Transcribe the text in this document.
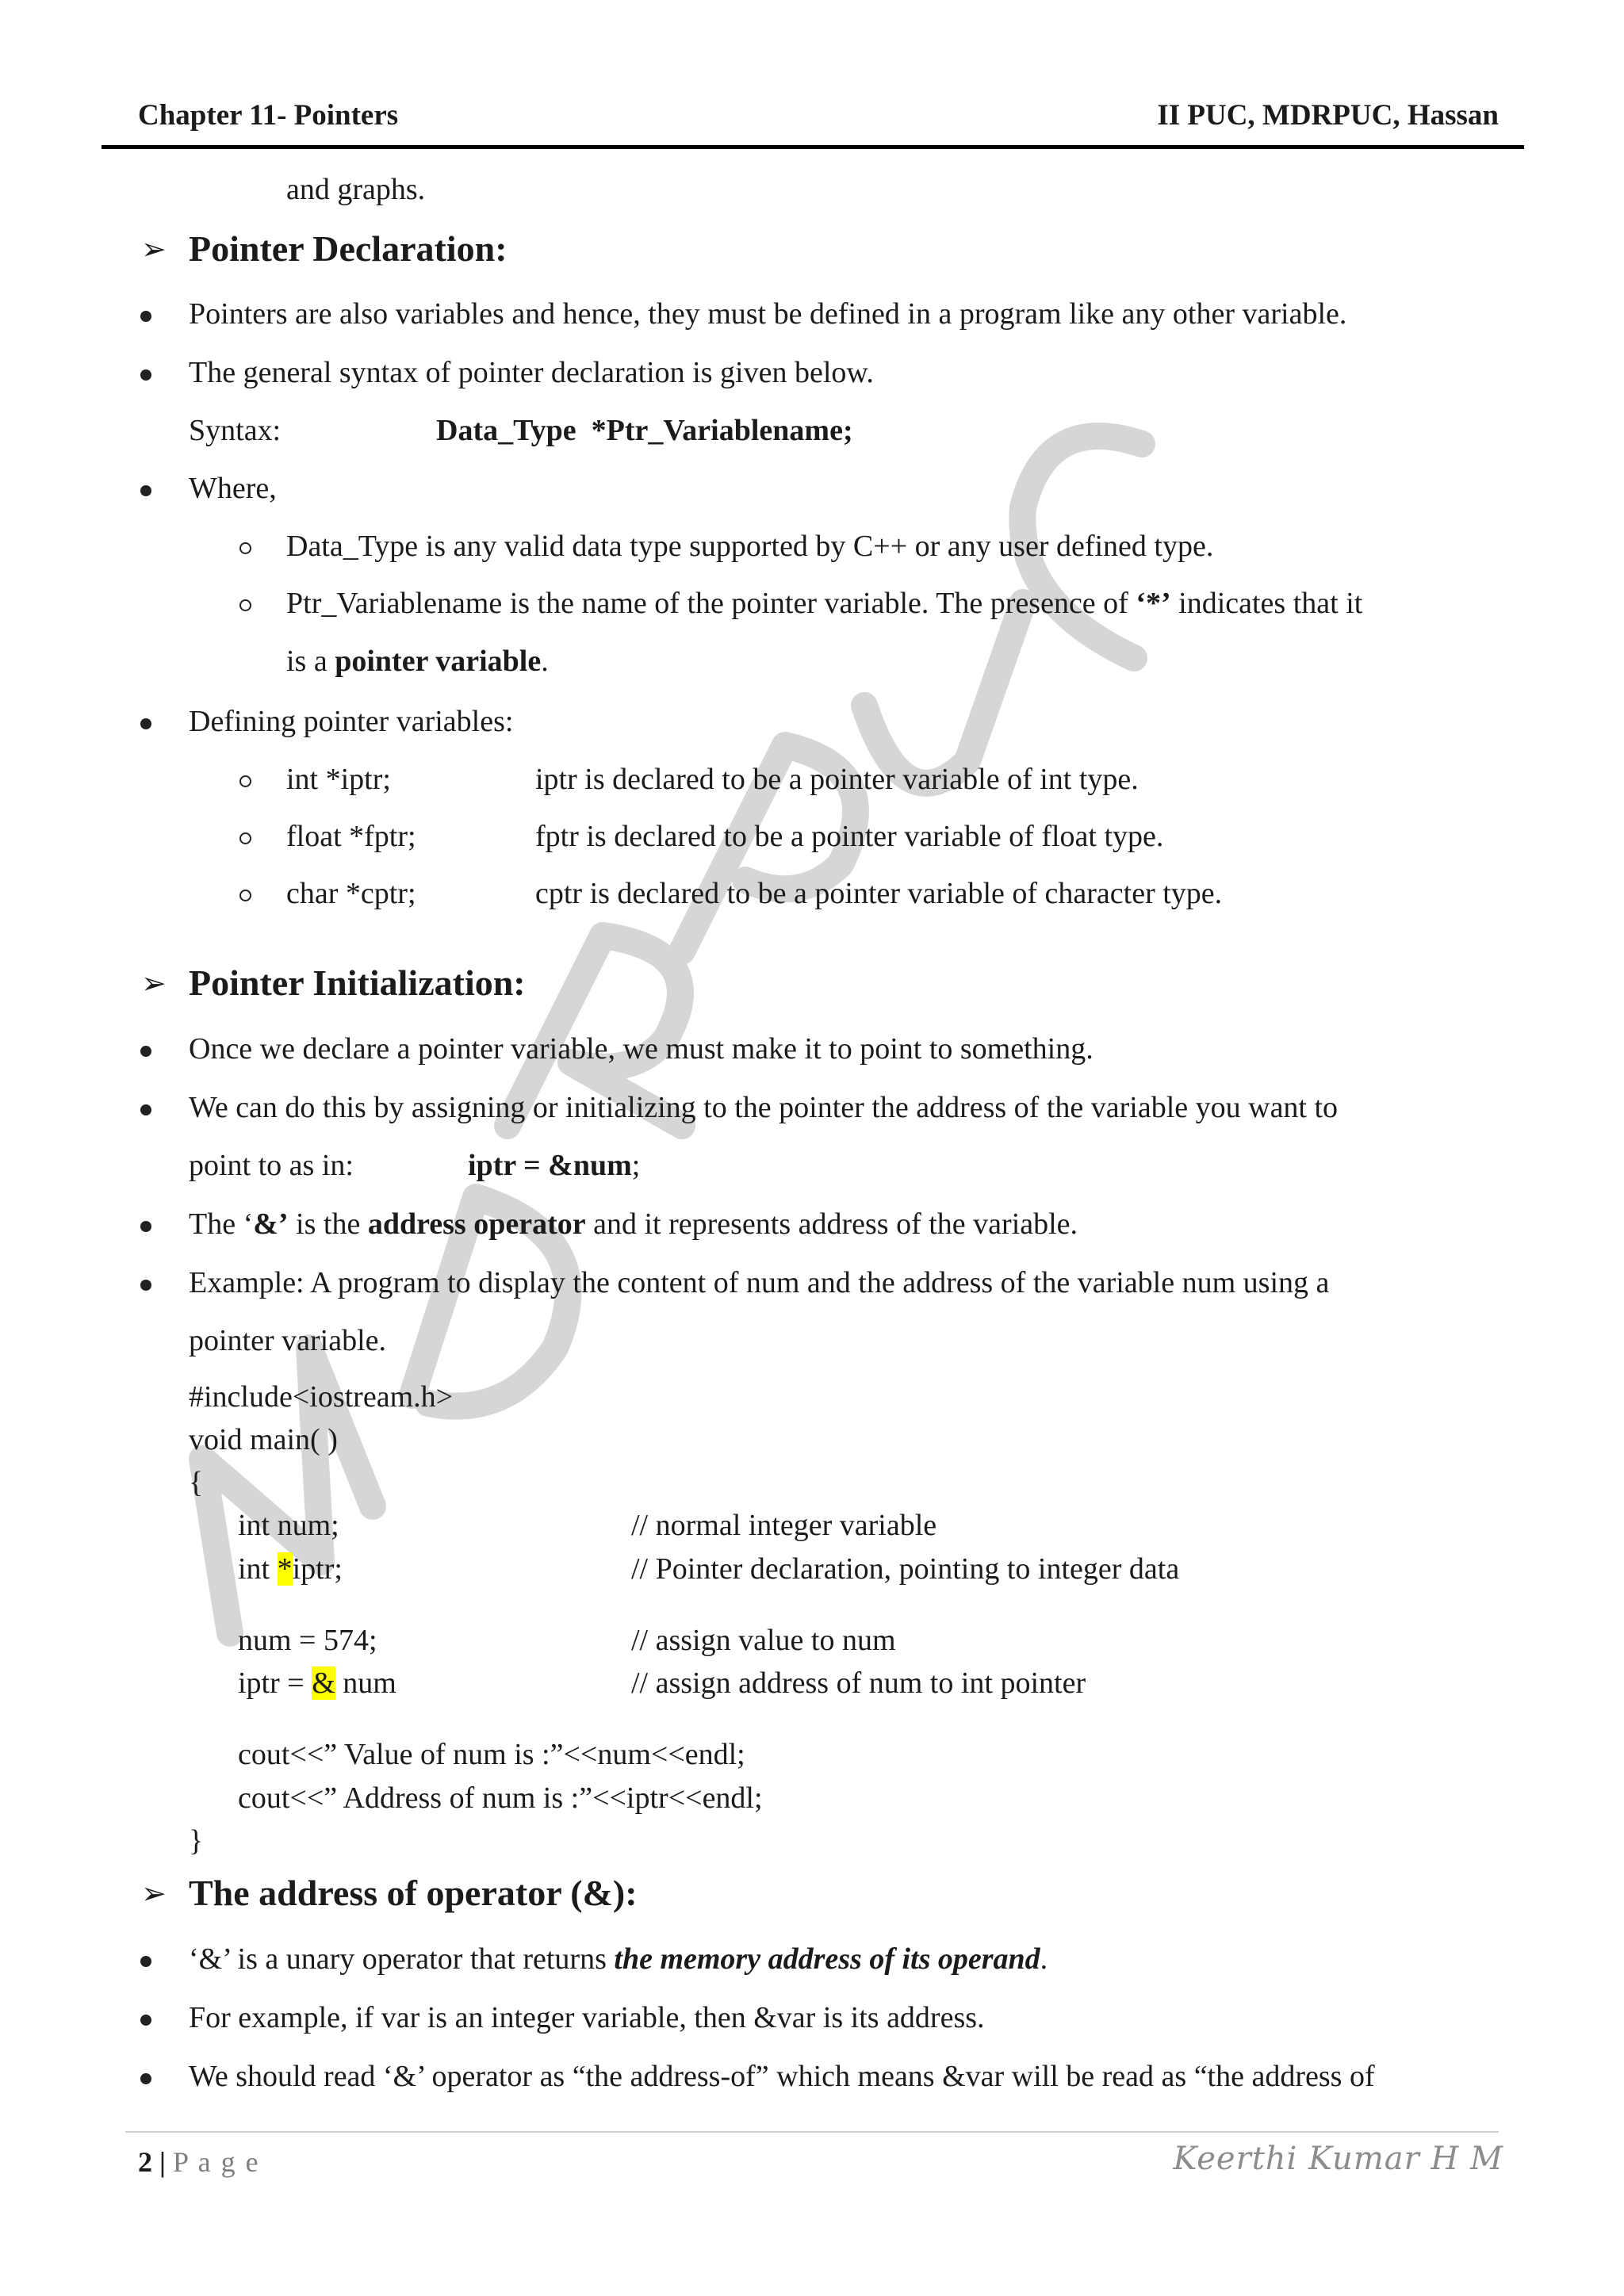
Chapter 11- Pointers	II PUC, MDRPUC, Hassan
and graphs.
➢ Pointer Declaration:
Pointers are also variables and hence, they must be defined in a program like any other variable.
The general syntax of pointer declaration is given below.
Syntax:	Data_Type  *Ptr_Variablename;
Where,
Data_Type is any valid data type supported by C++ or any user defined type.
Ptr_Variablename is the name of the pointer variable. The presence of ‘*’ indicates that it
is a pointer variable.
Defining pointer variables:
int *iptr;	iptr is declared to be a pointer variable of int type.
float *fptr;	fptr is declared to be a pointer variable of float type.
char *cptr;	cptr is declared to be a pointer variable of character type.
➢ Pointer Initialization:
Once we declare a pointer variable, we must make it to point to something.
We can do this by assigning or initializing to the pointer the address of the variable you want to
point to as in:	iptr = &num;
The ‘&’ is the address operator and it represents address of the variable.
Example: A program to display the content of num and the address of the variable num using a
pointer variable.
#include<iostream.h>
void main( )
{
int num;	// normal integer variable
int *iptr;	// Pointer declaration, pointing to integer data
num = 574;	// assign value to num
iptr = & num	// assign address of num to int pointer
cout<<” Value of num is :”<<num<<endl;
cout<<” Address of num is :”<<iptr<<endl;
}
➢ The address of operator (&):
‘&’ is a unary operator that returns the memory address of its operand.
For example, if var is an integer variable, then &var is its address.
We should read ‘&’ operator as “the address-of” which means &var will be read as “the address of
2 | P a g e	Keerthi Kumar H M
